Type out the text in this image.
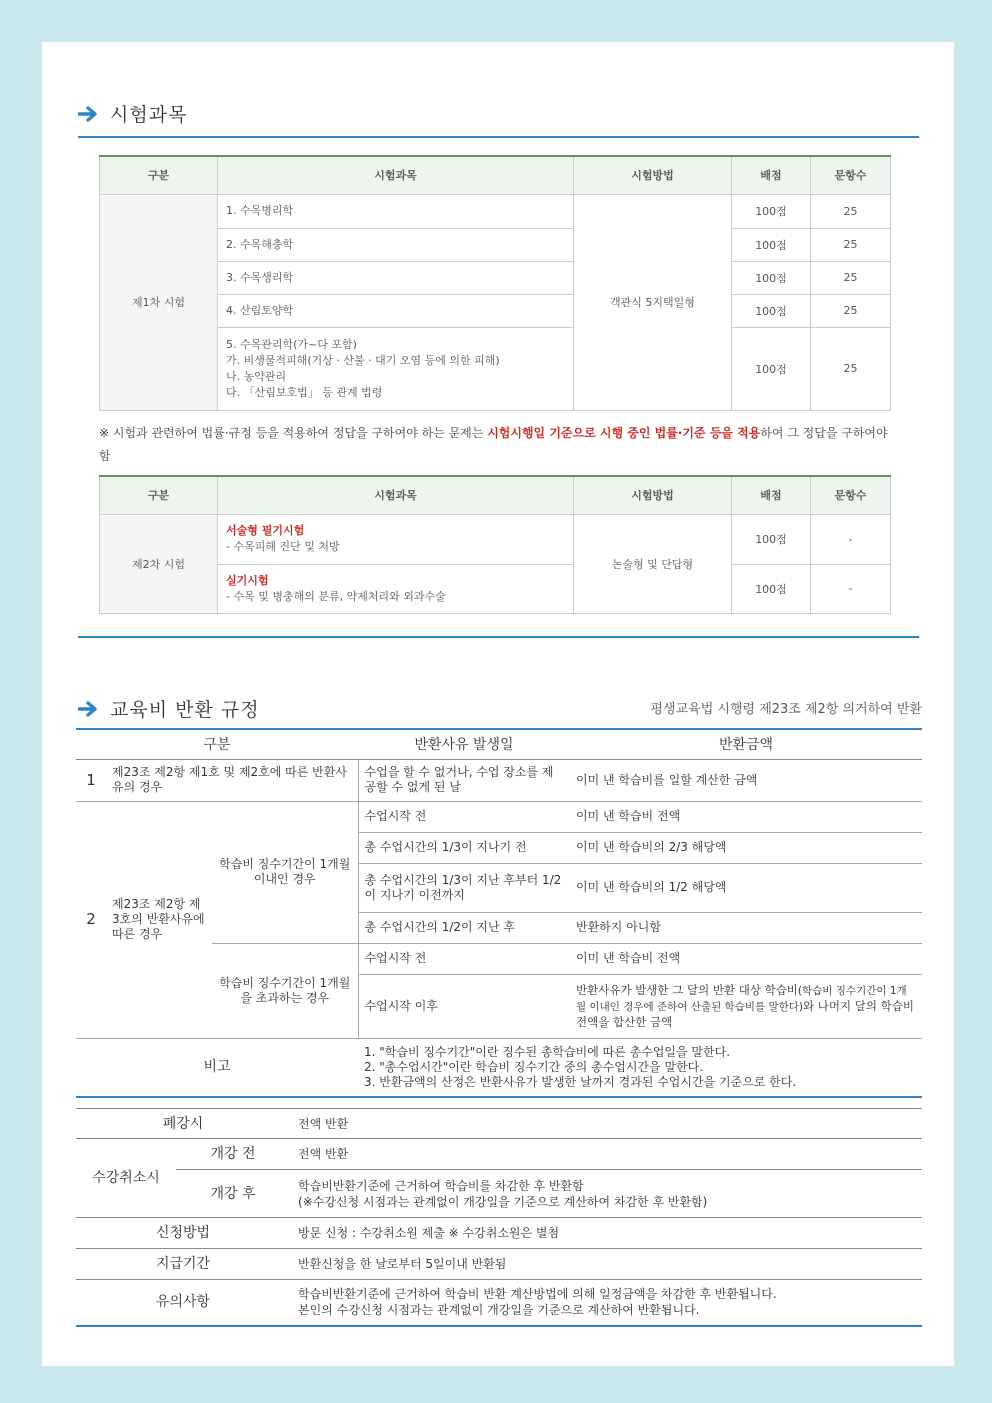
시험과목
구분	시험과목	시험방법	배점	문항수
제1차 시험	1. 수목병리학	객관식 5지택일형	100점	25
	2. 수목해충학		100점	25
	3. 수목생리학		100점	25
	4. 산림토양학		100점	25

	5. 수목관리학(가~다 포함)
가. 비생물적피해(기상 · 산불 · 대기 오염 등에 의한 피해)
나. 농약관리
다. 「산림보호법」 등 관계 법령		100점	25
※ 시험과 관련하여 법률·규정 등을 적용하여 정답을 구하여야 하는 문제는 시험시행일 기준으로 시행 중인 법률·기준 등을 적용하여 그 정답을 구하여야 함
구분	시험과목	시험방법	배점	문항수
제2차 시험	서술형 필기시험
- 수목피해 진단 및 처방	논술형 및 단답형	100점	-

	실기시험
- 수목 및 병충해의 분류, 약제처리와 외과수술		100점	-
교육비 반환 규정	평생교육법 시행령 제23조 제2항 의거하여 반환
구분			반환사유 발생일	반환금액
1	제23조 제2항 제1호 및 제2호에 따른 반환사유의 경우		수업을 할 수 없거나, 수업 장소를 제공할 수 없게 된 날	이미 낸 학습비를 일할 계산한 금액
2	제23조 제2항 제3호의 반환사유에 따른 경우	학습비 징수기간이 1개월 이내인 경우	수업시작 전	이미 낸 학습비 전액
			총 수업시간의 1/3이 지나기 전	이미 낸 학습비의 2/3 해당액
			총 수업시간의 1/3이 지난 후부터 1/2이 지나기 이전까지	이미 낸 학습비의 1/2 해당액
			총 수업시간의 1/2이 지난 후	반환하지 아니함
		학습비 징수기간이 1개월을 초과하는 경우	수업시작 전	이미 낸 학습비 전액
			수업시작 이후	반환사유가 발생한 그 달의 반환 대상 학습비(학습비 징수기간이 1개월 이내인 경우에 준하여 산출된 학습비를 말한다)와 나머지 달의 학습비 전액을 합산한 금액
비고			1. "학습비 징수기간"이란 징수된 총학습비에 따른 총수업일을 말한다.
2. "총수업시간"이란 학습비 징수기간 중의 총수업시간을 말한다.
3. 반환금액의 산정은 반환사유가 발생한 날까지 경과된 수업시간을 기준으로 한다.	
폐강시		전액 반환
수강취소시	개강 전	전액 반환
	개강 후	학습비반환기준에 근거하여 학습비를 차감한 후 반환함
(※수강신청 시점과는 관계없이 개강일을 기준으로 계산하여 차감한 후 반환함)

신청방법		방문 신청 : 수강취소원 제출 ※ 수강취소원은 별첨
지급기간		반환신청을 한 날로부터 5일이내 반환됨
유의사항		학습비반환기준에 근거하여 학습비 반환 계산방법에 의해 일정금액을 차감한 후 반환됩니다.
본인의 수강신청 시점과는 관계없이 개강일을 기준으로 계산하여 반환됩니다.
